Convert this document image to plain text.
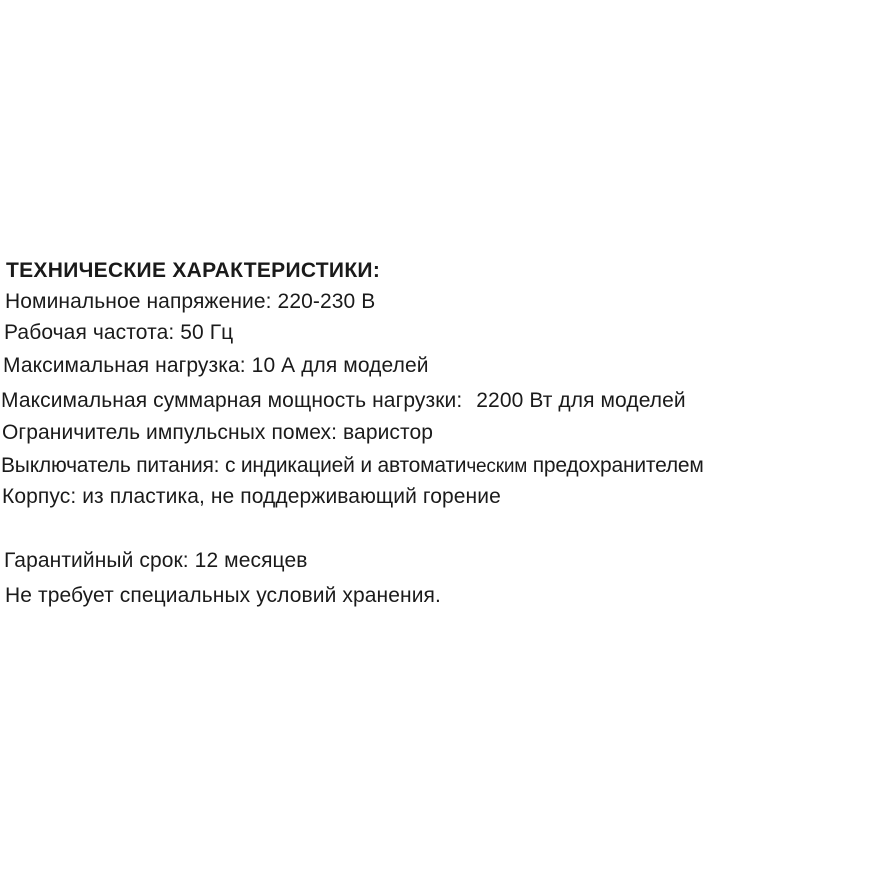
ТЕХНИЧЕСКИЕ ХАРАКТЕРИСТИКИ:
Номинальное напряжение: 220-230 В
Рабочая частота: 50 Гц
Максимальная нагрузка: 10 А для моделей
Максимальная суммарная мощность нагрузки: 2200 Вт для моделей
Ограничитель импульсных помех: варистор
Выключатель питания: с индикацией и автоматическим предохранителем
Корпус: из пластика, не поддерживающий горение
Гарантийный срок: 12 месяцев
Не требует специальных условий хранения.
